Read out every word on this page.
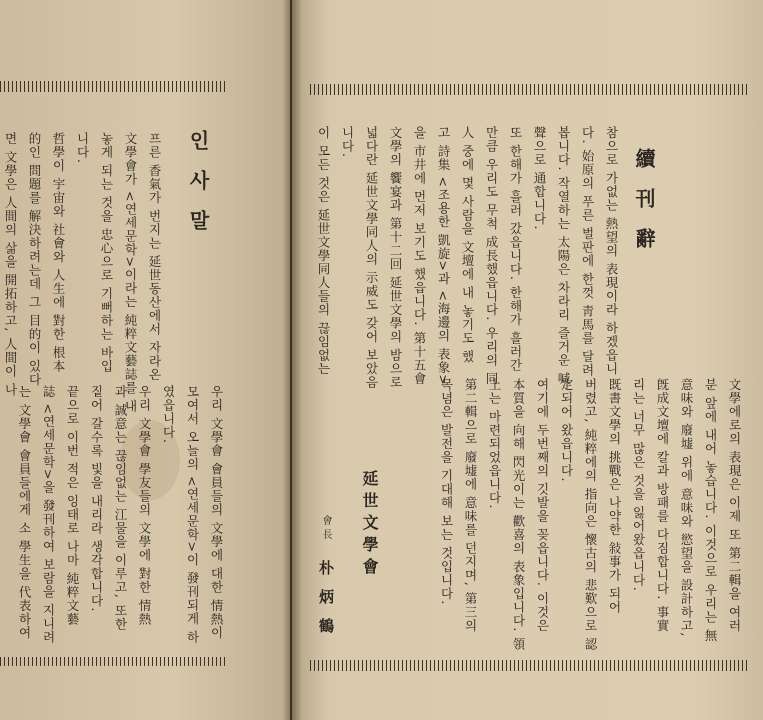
인사말
프른 香氣가 번지는 延世동산에서 자라온
文學會가 <연세문학>이라는 純粹文藝誌를 내
놓게 되는 것을 忠心으로 기뻐하는 바입
니다.
哲學이 宇宙와 社會와 人生에 對한 根本
的인 問題를 解決하려는데 그 目的이 있다
면 文學은 人間의 삶을 開拓하고, 人間이 나	續刊辭
참으로 가없는 熱望의 表現이라 하겠읍니
다. 始原의 푸른 벌판에 한껏 靑馬를 달려
봅니다. 작열하는 太陽은 차라리 즐거운 喊
聲으로 通합니다.
또 한해가 흘러 갔읍니다. 한해가 흘러간
만큼 우리도 무척 成長했읍니다. 우리의 同
人 중에 몇 사람을 文壇에 내 놓기도 했
고 詩集 <조용한 凱旋>과 <海邊의 表象>
을 市井에 먼저 보기도 했읍니다. 第十五會
文學의 饗宴과 第十二回 延世文學의 밤으로
넓다란 延世文學同人의 示威도 갖어 보았음
니다.
이 모든 것은 延世文學同人들의 끊임없는
우리 文學會 會員들의 文學에 대한 情熱이
모여서 오늘의 <연세문학>이 發刊되게 하
였읍니다.
우리 文學會 學友들의 文學에 對한 情熱
과 誠意는 끊임없는 江물을 이루고, 또한
짙어 갈수록 빛을 내리라 생각합니다.
끝으로 이번 적은 잉태로 나마 純粹文藝
誌 <연세문학>을 發刊하여 보람을 지니려
는 文學會 會員들에게 소 學生을 代表하여	文學에로의 表現은 이제 또 第二輯을 여러
분 앞에 내어 놓습니다. 이것으로 우리는 無
意味와 廢墟 위에 意味와 慾望을 設計하고,
旣成文壇에 칼과 방패를 다짐합니다. 事實
리는 너무 많은 것을 잃어왔읍니다.
既書文學의 挑戰은 나약한 敍事가 되어
버렸고, 純粹에의 指向은 懷古의 悲歎으로 認
定되어 왔읍니다.
여기에 두번째의 깃발을 꽂읍니다. 이것은
本質을 向해 閃光이는 歡喜의 表象입니다. 領
土는 마련되었읍니다.
第二輯으로 廢墟에 意味를 던지며, 第三의
목념은 발전을 기대해 보는 것입니다.
延世文學會
會長
朴炳鶴
